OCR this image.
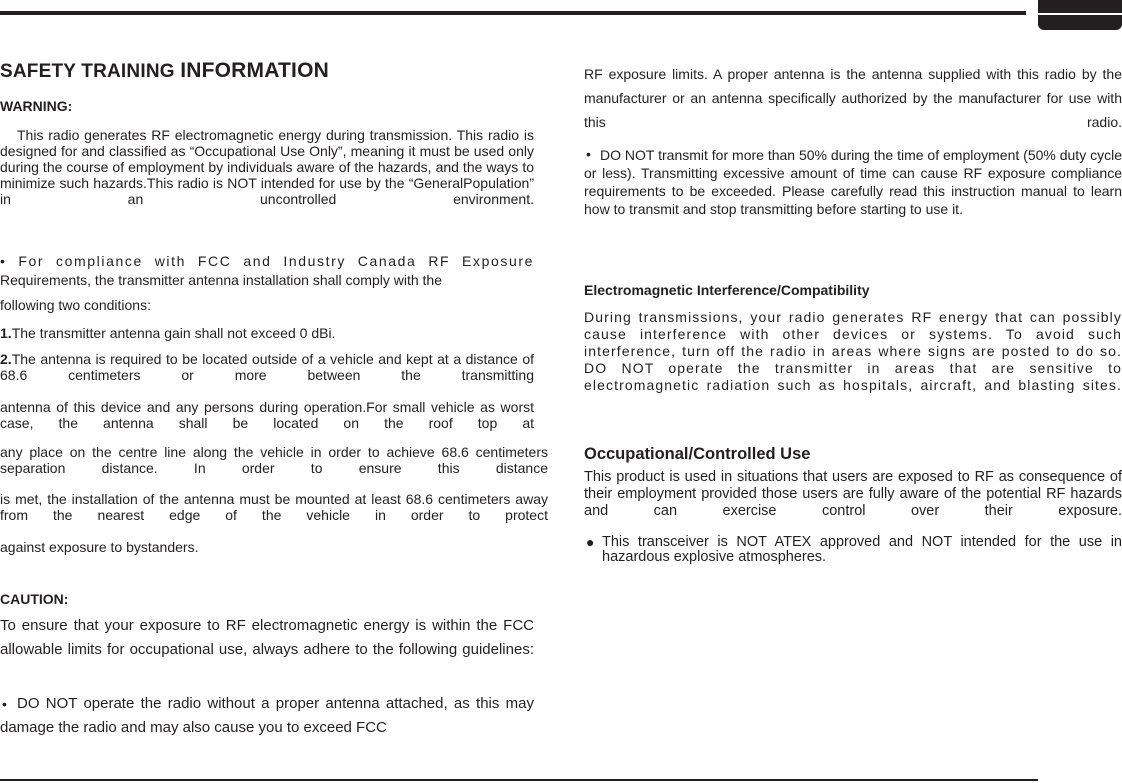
SAFETY TRAINING INFORMATION
WARNING:
This radio generates RF electromagnetic energy during transmission. This radio is designed for and classified as “Occupational Use Only”, meaning it must be used only during the course of employment by individuals aware of the hazards, and the ways to minimize such hazards.This radio is NOT intended for use by the “GeneralPopulation” in an uncontrolled environment.
• For compliance with FCC and Industry Canada RF Exposure
Requirements, the transmitter antenna installation shall comply with the
following two conditions:
1.The transmitter antenna gain shall not exceed 0 dBi.
2.The antenna is required to be located outside of a vehicle and kept at a distance of 68.6 centimeters or more between the transmitting
antenna of this device and any persons during operation.For small vehicle as worst case, the antenna shall be located on the roof top at
any place on the centre line along the vehicle in order to achieve 68.6 centimeters separation distance. In order to ensure this distance
is met, the installation of the antenna must be mounted at least 68.6 centimeters away from the nearest edge of the vehicle in order to protect
against exposure to bystanders.
CAUTION:
To ensure that your exposure to RF electromagnetic energy is within the FCC allowable limits for occupational use, always adhere to the following guidelines:
• DO NOT operate the radio without a proper antenna attached, as this may damage the radio and may also cause you to exceed FCC
RF exposure limits. A proper antenna is the antenna supplied with this radio by the manufacturer or an antenna specifically authorized by the manufacturer for use with this radio.
• DO NOT transmit for more than 50% during the time of employment (50% duty cycle or less). Transmitting excessive amount of time can cause RF exposure compliance requirements to be exceeded. Please carefully read this instruction manual to learn how to transmit and stop transmitting before starting to use it.
Electromagnetic Interference/Compatibility
During transmissions, your radio generates RF energy that can possibly cause interference with other devices or systems. To avoid such interference, turn off the radio in areas where signs are posted to do so. DO NOT operate the transmitter in areas that are sensitive to electromagnetic radiation such as hospitals, aircraft, and blasting sites.
Occupational/Controlled Use
This product is used in situations that users are exposed to RF as consequence of their employment provided those users are fully aware of the potential RF hazards and can exercise control over their exposure.
● This transceiver is NOT ATEX approved and NOT intended for the use in hazardous explosive atmospheres.
